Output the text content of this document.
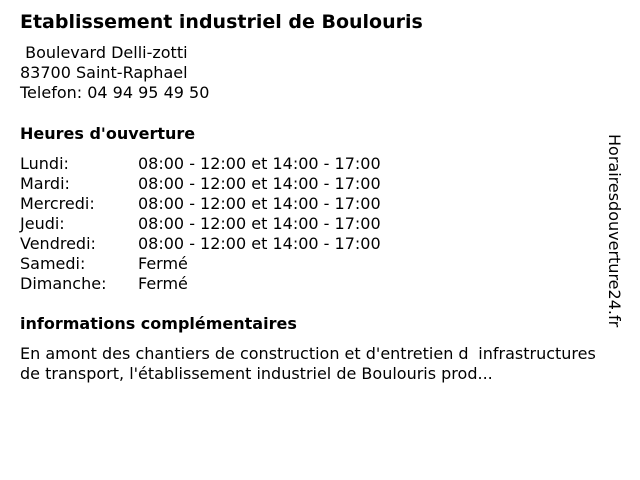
Etablissement industriel de Boulouris
Boulevard Delli-zotti
83700 Saint-Raphael
Telefon: 04 94 95 49 50
Heures d'ouverture
Lundi:	08:00 - 12:00 et 14:00 - 17:00
Mardi:	08:00 - 12:00 et 14:00 - 17:00
Mercredi:	08:00 - 12:00 et 14:00 - 17:00
Jeudi:	08:00 - 12:00 et 14:00 - 17:00
Vendredi:	08:00 - 12:00 et 14:00 - 17:00
Samedi:	Fermé
Dimanche: Fermé
informations complémentaires
En amont des chantiers de construction et d'entretien dinfrastructures de transport, l'établissement industriel de Boulouris prod...
Horairesdouverture24.fr
